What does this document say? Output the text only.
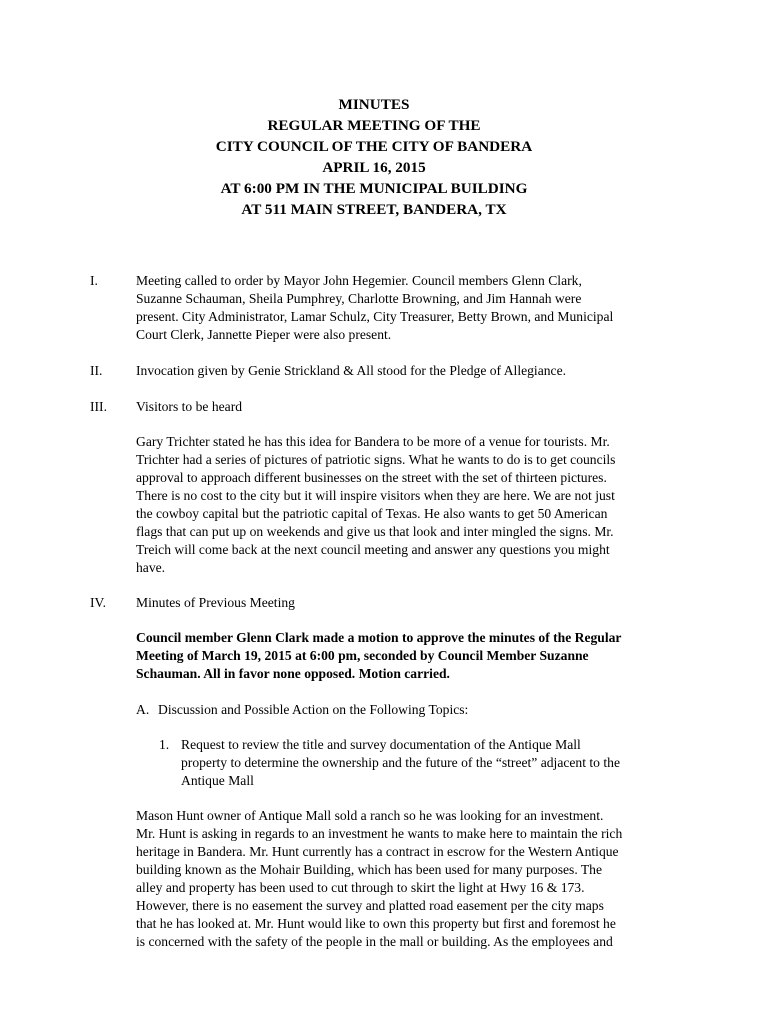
MINUTES
REGULAR MEETING OF THE
CITY COUNCIL OF THE CITY OF BANDERA
APRIL 16, 2015
AT 6:00 PM IN THE MUNICIPAL BUILDING
AT 511 MAIN STREET, BANDERA, TX
I.	Meeting called to order by Mayor John Hegemier. Council members Glenn Clark,
Suzanne Schauman, Sheila Pumphrey, Charlotte Browning, and Jim Hannah were
present. City Administrator, Lamar Schulz, City Treasurer, Betty Brown, and Municipal
Court Clerk, Jannette Pieper were also present.
II. Invocation given by Genie Strickland & All stood for the Pledge of Allegiance.
III. Visitors to be heard
Gary Trichter stated he has this idea for Bandera to be more of a venue for tourists. Mr.
Trichter had a series of pictures of patriotic signs. What he wants to do is to get councils
approval to approach different businesses on the street with the set of thirteen pictures.
There is no cost to the city but it will inspire visitors when they are here. We are not just
the cowboy capital but the patriotic capital of Texas. He also wants to get 50 American
flags that can put up on weekends and give us that look and inter mingled the signs. Mr.
Treich will come back at the next council meeting and answer any questions you might
have.
IV. Minutes of Previous Meeting
Council member Glenn Clark made a motion to approve the minutes of the Regular
Meeting of March 19, 2015 at 6:00 pm, seconded by Council Member Suzanne
Schauman. All in favor none opposed. Motion carried.
A. Discussion and Possible Action on the Following Topics:
1. Request to review the title and survey documentation of the Antique Mall
property to determine the ownership and the future of the “street” adjacent to the
Antique Mall
Mason Hunt owner of Antique Mall sold a ranch so he was looking for an investment.
Mr. Hunt is asking in regards to an investment he wants to make here to maintain the rich
heritage in Bandera. Mr. Hunt currently has a contract in escrow for the Western Antique
building known as the Mohair Building, which has been used for many purposes. The
alley and property has been used to cut through to skirt the light at Hwy 16 & 173.
However, there is no easement the survey and platted road easement per the city maps
that he has looked at. Mr. Hunt would like to own this property but first and foremost he
is concerned with the safety of the people in the mall or building. As the employees and
